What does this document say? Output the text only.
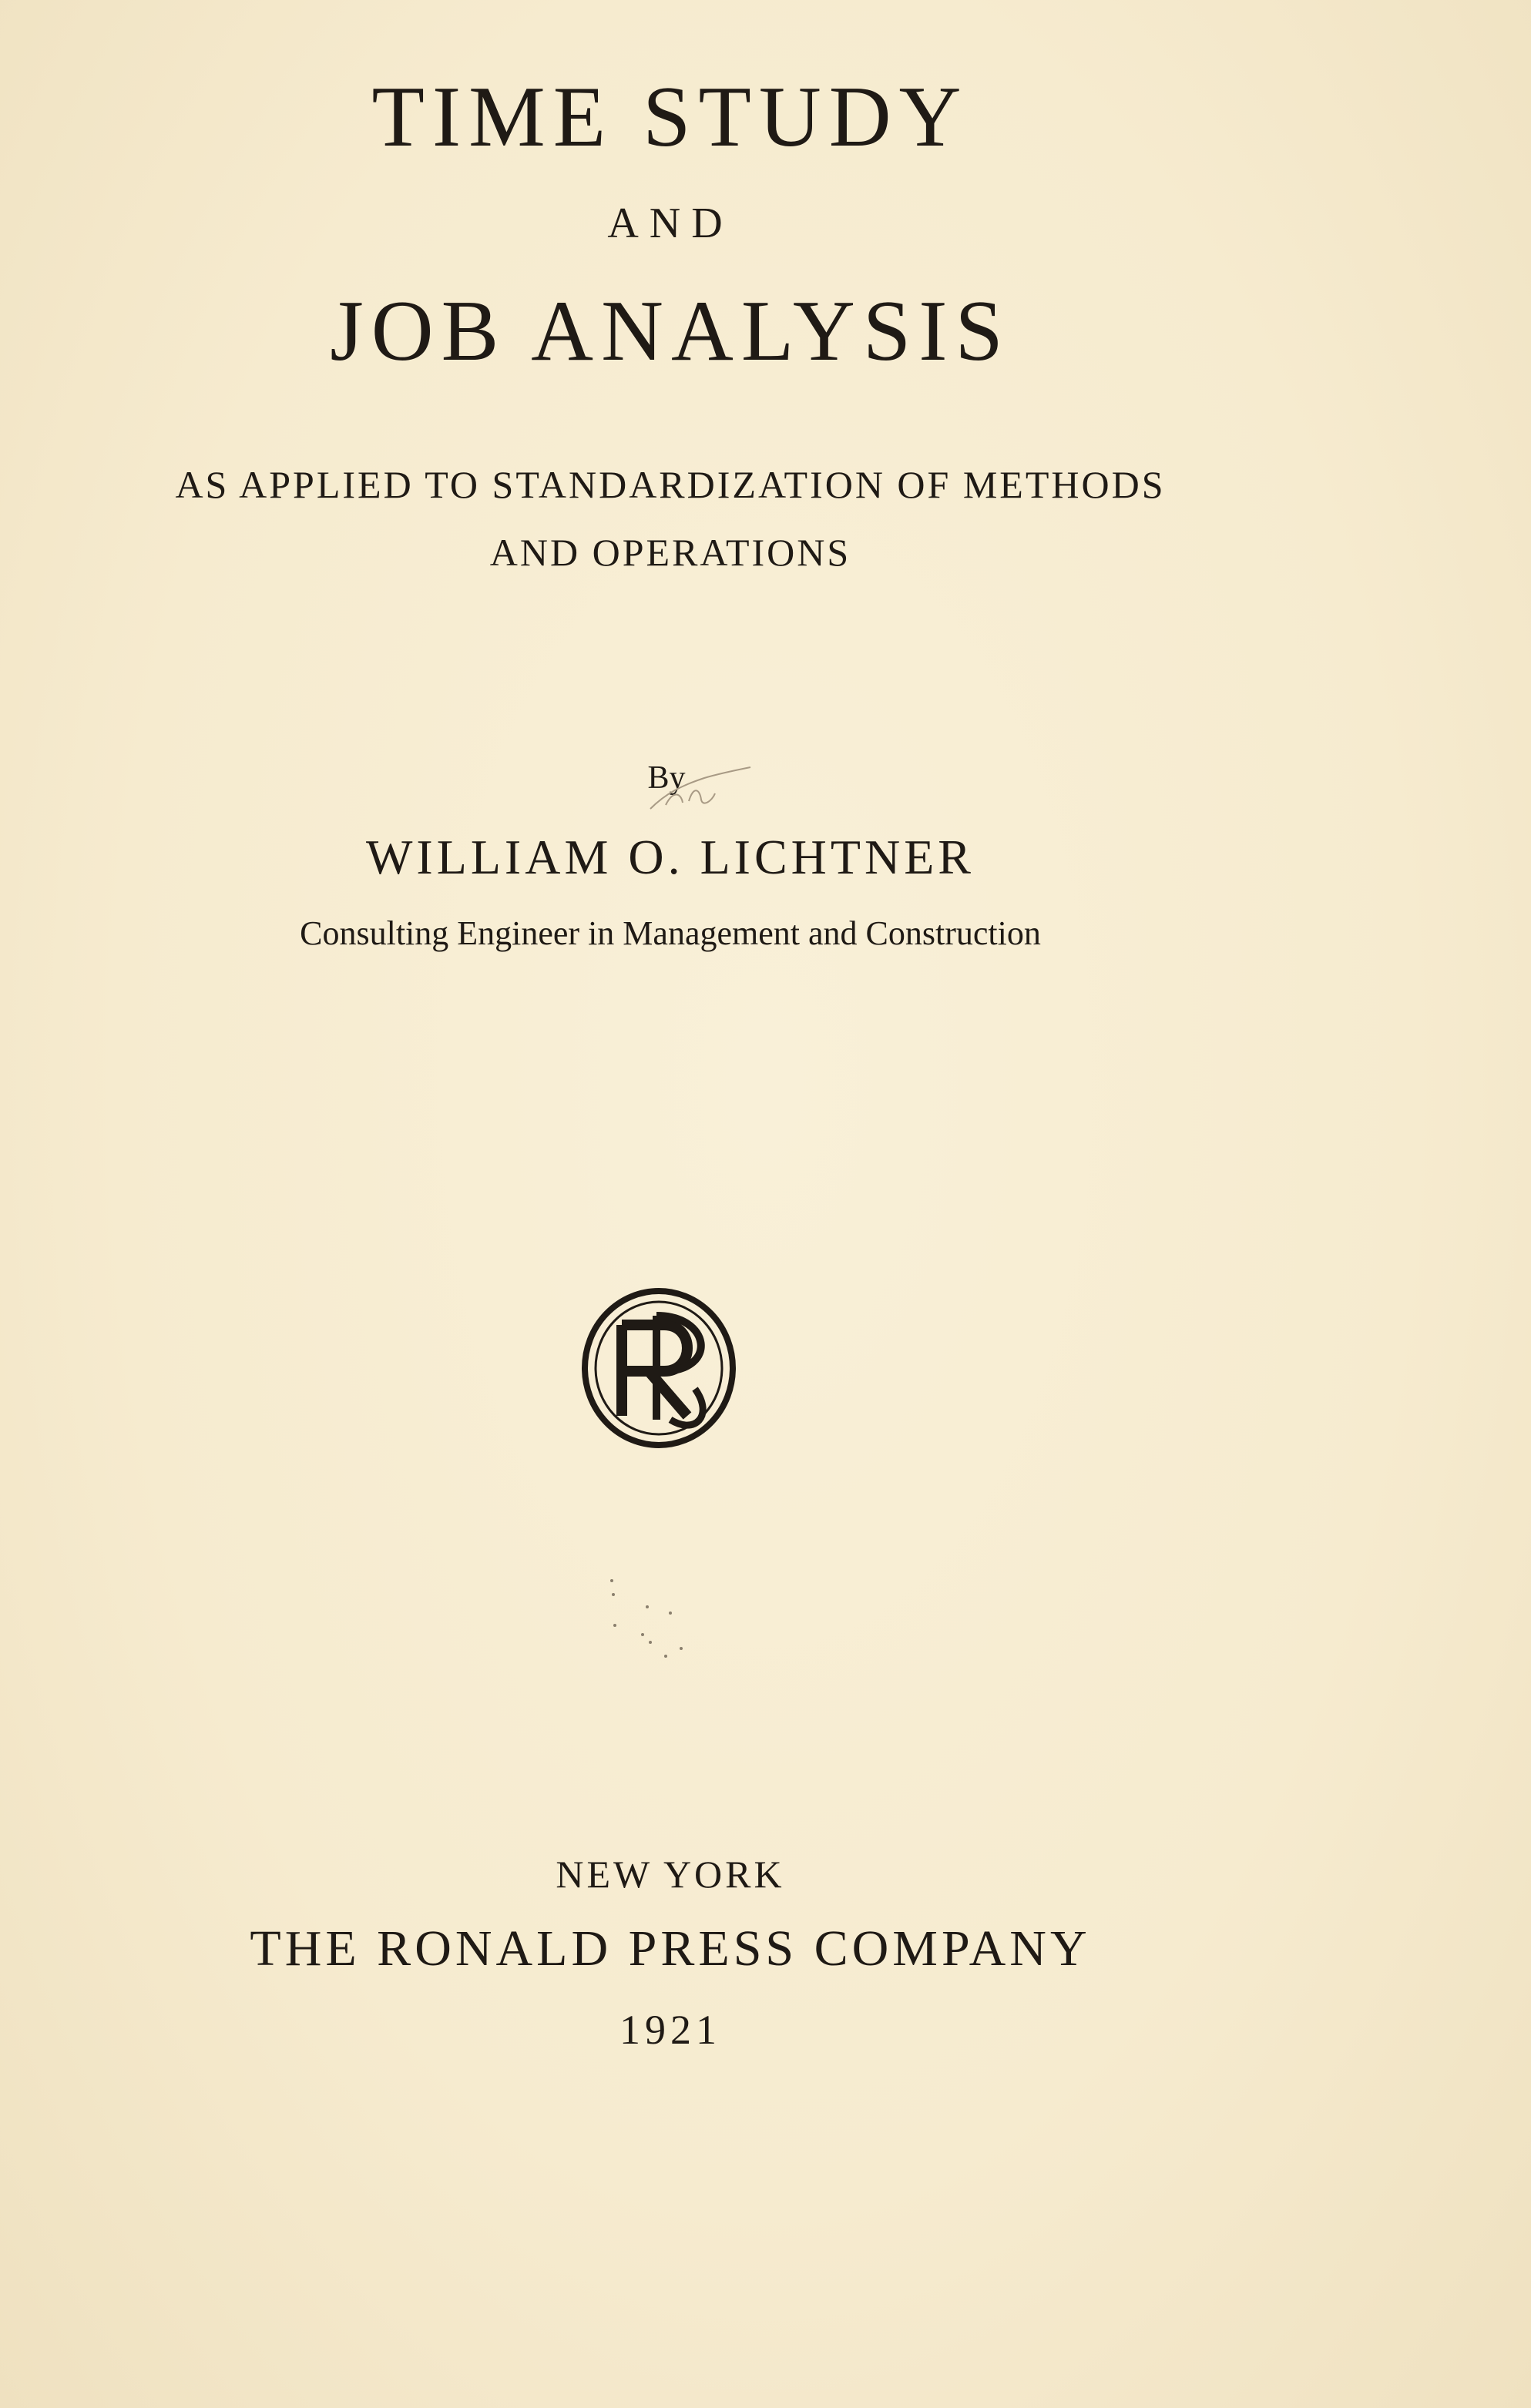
TIME STUDY
AND
JOB ANALYSIS
AS APPLIED TO STANDARDIZATION OF METHODS
AND OPERATIONS
By
WILLIAM O. LICHTNER
Consulting Engineer in Management and Construction
NEW YORK
THE RONALD PRESS COMPANY
1921
